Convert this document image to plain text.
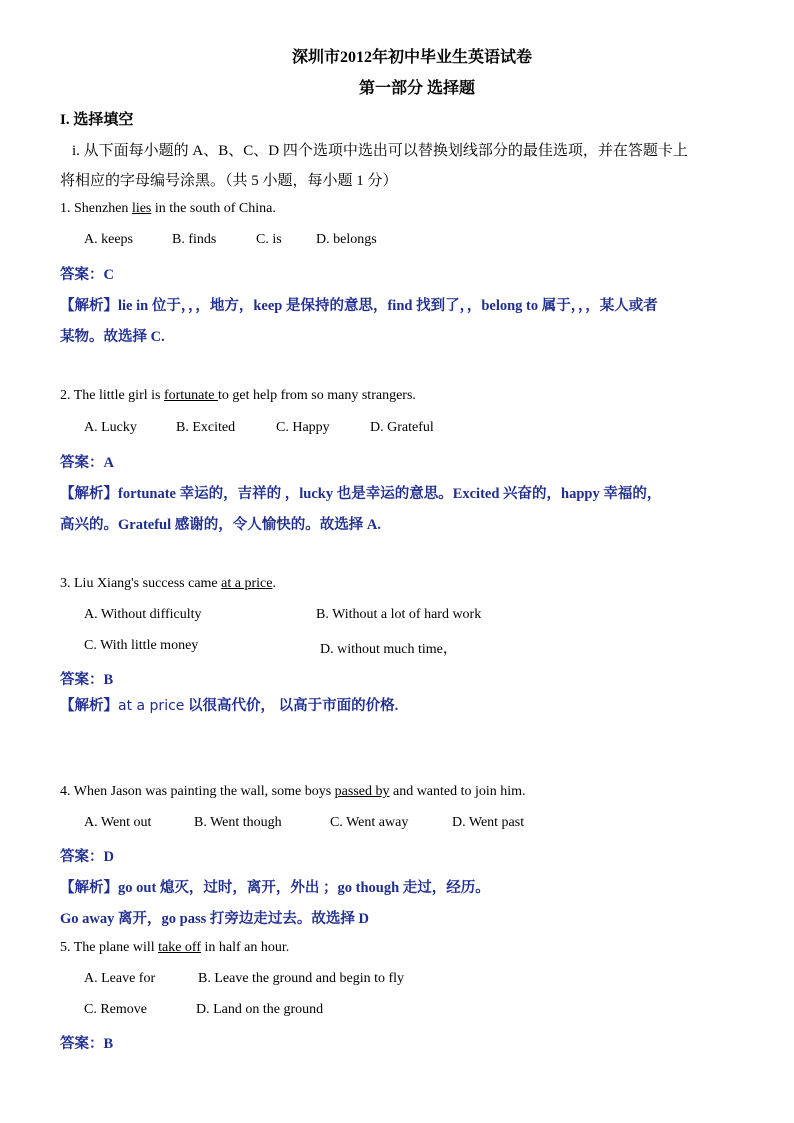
深圳市2012年初中毕业生英语试卷
第一部分 选择题
I. 选择填空
i. 从下面每小题的 A、B、C、D 四个选项中选出可以替换划线部分的最佳选项，并在答题卡上
将相应的字母编号涂黑。（共 5 小题，每小题 1 分）
1. Shenzhen lies in the south of China.
A. keeps	B. finds	C. is D. belongs
答案：C
【解析】lie in 位于，，，地方，keep 是保持的意思，find 找到了，，belong to 属于，，，某人或者
某物。故选择 C.
2. The little girl is fortunate to get help from so many strangers.
A. Lucky	B. Excited	C. Happy	D. Grateful
答案：A
【解析】fortunate 幸运的，吉祥的 ，lucky 也是幸运的意思。Excited 兴奋的，happy 幸福的，
高兴的。Grateful 感谢的，令人愉快的。故选择 A.
3. Liu Xiang's success came at a price.
A. Without difficulty	B. Without a lot of hard work
C. With little money	D. without much time，
答案：B
【解析】at a price 以很高代价， 以高于市面的价格.
4. When Jason was painting the wall, some boys passed by and wanted to join him.
A. Went out	B. Went though	C. Went away	D. Went past
答案：D
【解析】go out 熄灭，过时，离开，外出 ；go though 走过，经历。
Go away 离开，go pass 打旁边走过去。故选择 D
5. The plane will take off in half an hour.
A. Leave for	B. Leave the ground and begin to fly
C. Remove	D. Land on the ground
答案：B
